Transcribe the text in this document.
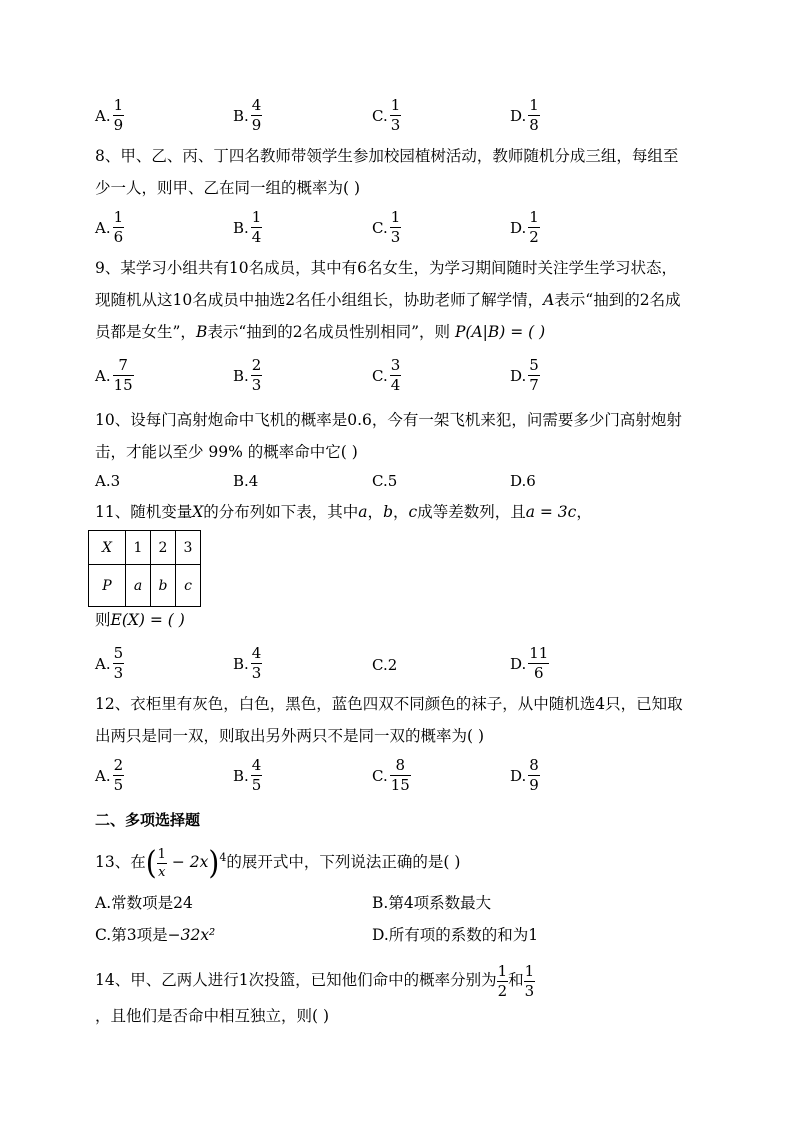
A. $\frac{1}{9}$	B. $\frac{4}{9}$	C. $\frac{1}{3}$	D. $\frac{1}{8}$
8、甲、乙、丙、丁四名教师带领学生参加校园植树活动，教师随机分成三组，每组至
少一人，则甲、乙在同一组的概率为( )
A. $\frac{1}{6}$	B. $\frac{1}{4}$	C. $\frac{1}{3}$	D. $\frac{1}{2}$
9、某学习小组共有10名成员，其中有6名女生，为学习期间随时关注学生学习状态，
现随机从这10名成员中抽选2名任小组组长，协助老师了解学情，A表示“抽到的2名成
员都是女生”，B表示“抽到的2名成员性别相同”，则 P(A|B) = ( )
A. $\frac{7}{15}$	B. $\frac{2}{3}$	C. $\frac{3}{4}$	D. $\frac{5}{7}$
10、设每门高射炮命中飞机的概率是0.6，今有一架飞机来犯，问需要多少门高射炮射
击，才能以至少 99% 的概率命中它( )
A.3	B.4	C.5	D.6
11、随机变量X的分布列如下表，其中a，b，c成等差数列，且a = 3c，
X	1	2	3
P	a	b	c
则E(X) = ( )
A. $\frac{5}{3}$	B. $\frac{4}{3}$	C.2	D. $\frac{11}{6}$
12、衣柜里有灰色，白色，黑色，蓝色四双不同颜色的袜子，从中随机选4只，已知取
出两只是同一双，则取出另外两只不是同一双的概率为( )
A. $\frac{2}{5}$	B. $\frac{4}{5}$	C. $\frac{8}{15}$	D. $\frac{8}{9}$
二、多项选择题
13、在( $\frac{1}{x} - 2x)^4$的展开式中，下列说法正确的是( )
A.常数项是24	B.第4项系数最大
C.第3项是−32x²	D.所有项的系数的和为1
14、甲、乙两人进行1次投篮，已知他们命中的概率分别为 $\frac{1}{2}$ 和 $\frac{1}{3}$
，且他们是否命中相互独立，则( )
